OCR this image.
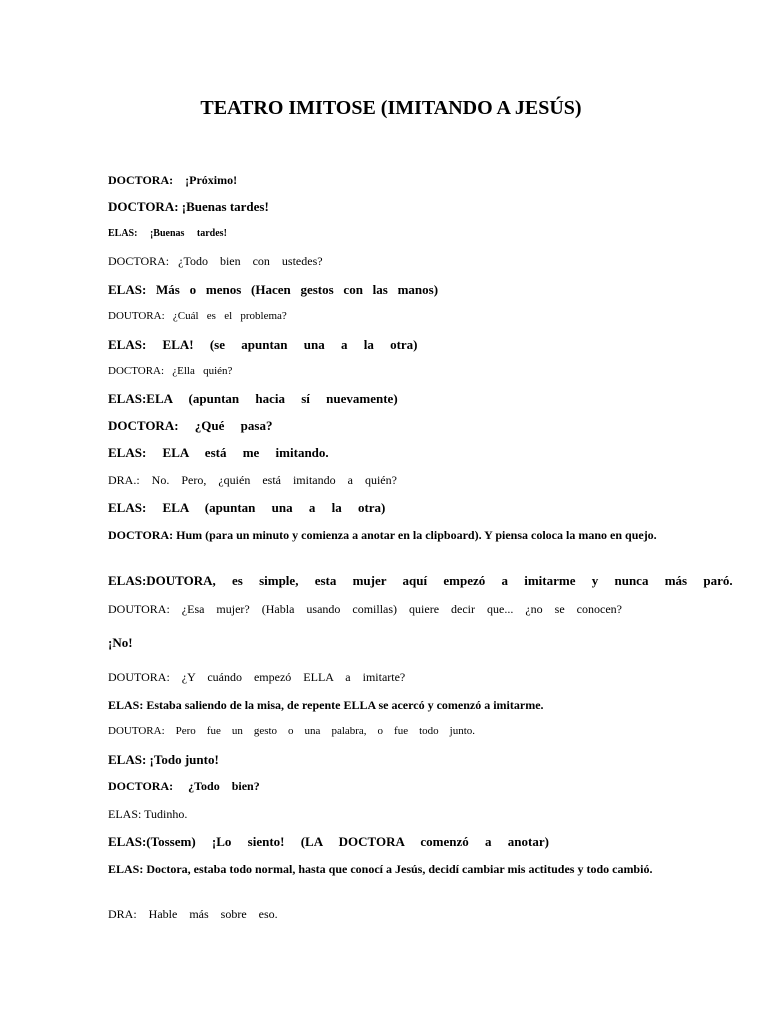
TEATRO IMITOSE (IMITANDO A JESÚS)

DOCTORA:    ¡Próximo!

DOCTORA: ¡Buenas tardes!

ELAS:     ¡Buenas     tardes!

DOCTORA:   ¿Todo    bien    con    ustedes?

ELAS:   Más   o   menos   (Hacen   gestos   con   las   manos)

DOUTORA:   ¿Cuál   es   el   problema?

ELAS:     ELA!     (se     apuntan     una     a     la     otra)

DOCTORA:   ¿Ella   quién?

ELAS:ELA     (apuntan     hacia     sí     nuevamente)

DOCTORA:     ¿Qué     pasa?

ELAS:     ELA     está     me     imitando.

DRA.:    No.    Pero,    ¿quién    está    imitando    a    quién?

ELAS:     ELA     (apuntan     una     a     la     otra)

DOCTORA: Hum (para un minuto y comienza a anotar en la clipboard). Y piensa coloca la mano en quejo.

ELAS:DOUTORA,     es     simple,     esta     mujer     aquí     empezó     a     imitarme     y     nunca     más     paró.

DOUTORA:    ¿Esa    mujer?    (Habla    usando    comillas)    quiere    decir    que...    ¿no    se    conocen?

¡No!

DOUTORA:    ¿Y    cuándo    empezó    ELLA    a    imitarte?

ELAS: Estaba saliendo de la misa, de repente ELLA se acercó y comenzó a imitarme.

DOUTORA:    Pero    fue    un    gesto    o    una    palabra,    o    fue    todo    junto.

ELAS: ¡Todo junto!

DOCTORA:     ¿Todo    bien?

ELAS: Tudinho.

ELAS:(Tossem)     ¡Lo     siento!     (LA     DOCTORA     comenzó     a     anotar)

ELAS: Doctora, estaba todo normal, hasta que conocí a Jesús, decidí cambiar mis actitudes y todo cambió.

DRA:    Hable    más    sobre    eso.
